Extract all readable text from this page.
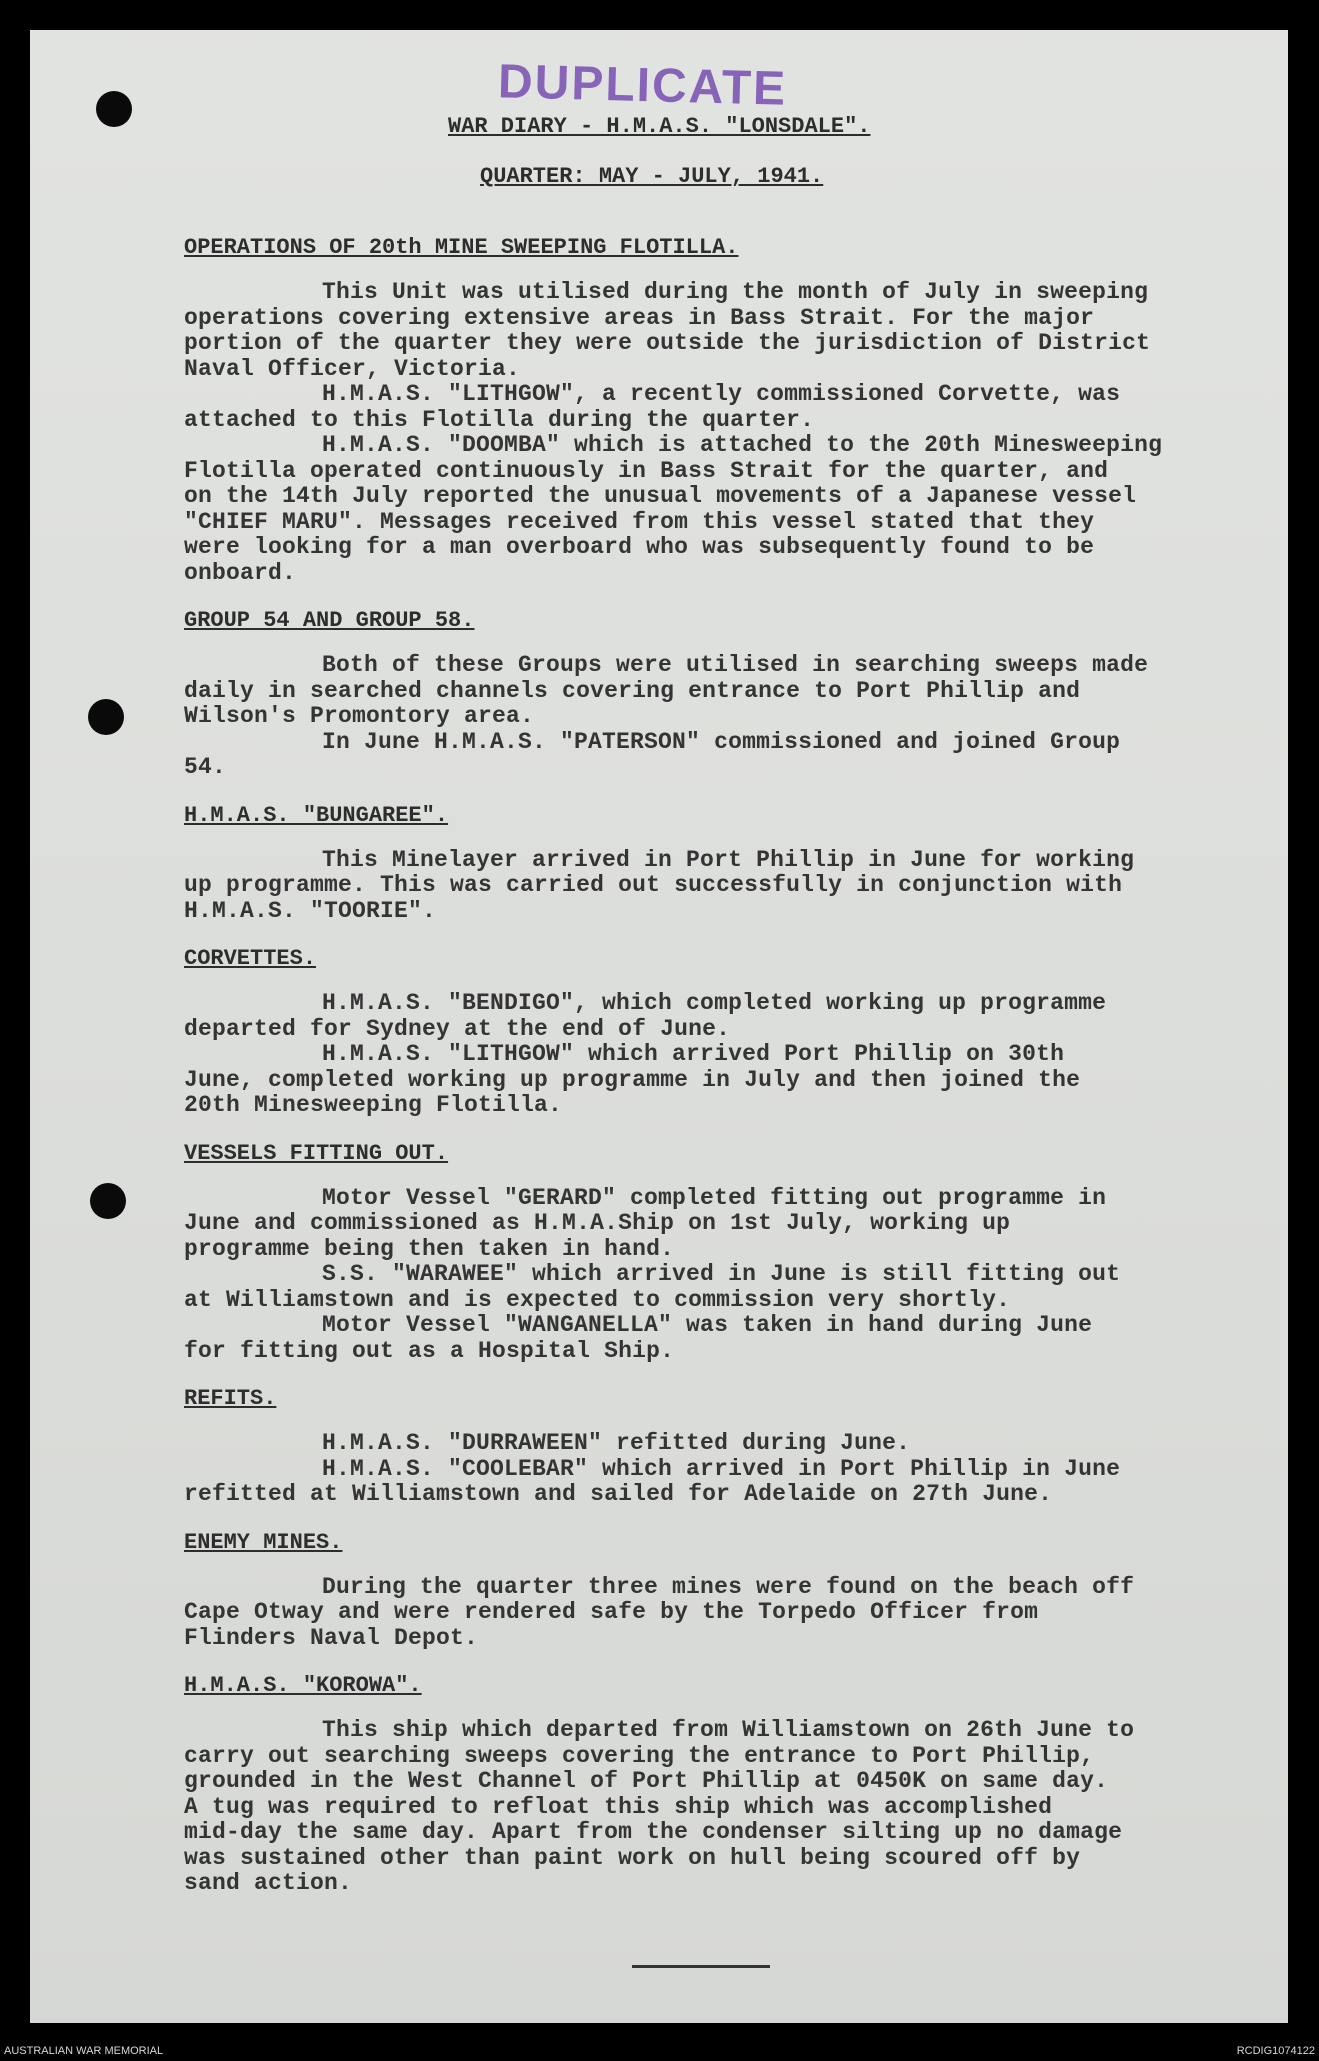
DUPLICATE
WAR DIARY - H.M.A.S. "LONSDALE".
QUARTER: MAY - JULY, 1941.
OPERATIONS OF 20th MINE SWEEPING FLOTILLA.
This Unit was utilised during the month of July in sweeping
operations covering extensive areas in Bass Strait. For the major
portion of the quarter they were outside the jurisdiction of District
Naval Officer, Victoria.
H.M.A.S. "LITHGOW", a recently commissioned Corvette, was
attached to this Flotilla during the quarter.
H.M.A.S. "DOOMBA" which is attached to the 20th Minesweeping
Flotilla operated continuously in Bass Strait for the quarter, and
on the 14th July reported the unusual movements of a Japanese vessel
"CHIEF MARU". Messages received from this vessel stated that they
were looking for a man overboard who was subsequently found to be
onboard.
GROUP 54 AND GROUP 58.
Both of these Groups were utilised in searching sweeps made
daily in searched channels covering entrance to Port Phillip and
Wilson's Promontory area.
In June H.M.A.S. "PATERSON" commissioned and joined Group
54.
H.M.A.S. "BUNGAREE".
This Minelayer arrived in Port Phillip in June for working
up programme. This was carried out successfully in conjunction with
H.M.A.S. "TOORIE".
CORVETTES.
H.M.A.S. "BENDIGO", which completed working up programme
departed for Sydney at the end of June.
H.M.A.S. "LITHGOW" which arrived Port Phillip on 30th
June, completed working up programme in July and then joined the
20th Minesweeping Flotilla.
VESSELS FITTING OUT.
Motor Vessel "GERARD" completed fitting out programme in
June and commissioned as H.M.A.Ship on 1st July, working up
programme being then taken in hand.
S.S. "WARAWEE" which arrived in June is still fitting out
at Williamstown and is expected to commission very shortly.
Motor Vessel "WANGANELLA" was taken in hand during June
for fitting out as a Hospital Ship.
REFITS.
H.M.A.S. "DURRAWEEN" refitted during June.
H.M.A.S. "COOLEBAR" which arrived in Port Phillip in June
refitted at Williamstown and sailed for Adelaide on 27th June.
ENEMY MINES.
During the quarter three mines were found on the beach off
Cape Otway and were rendered safe by the Torpedo Officer from
Flinders Naval Depot.
H.M.A.S. "KOROWA".
This ship which departed from Williamstown on 26th June to
carry out searching sweeps covering the entrance to Port Phillip,
grounded in the West Channel of Port Phillip at 0450K on same day.
A tug was required to refloat this ship which was accomplished
mid-day the same day. Apart from the condenser silting up no damage
was sustained other than paint work on hull being scoured off by
sand action.
AUSTRALIAN WAR MEMORIAL	RCDIG1074122
